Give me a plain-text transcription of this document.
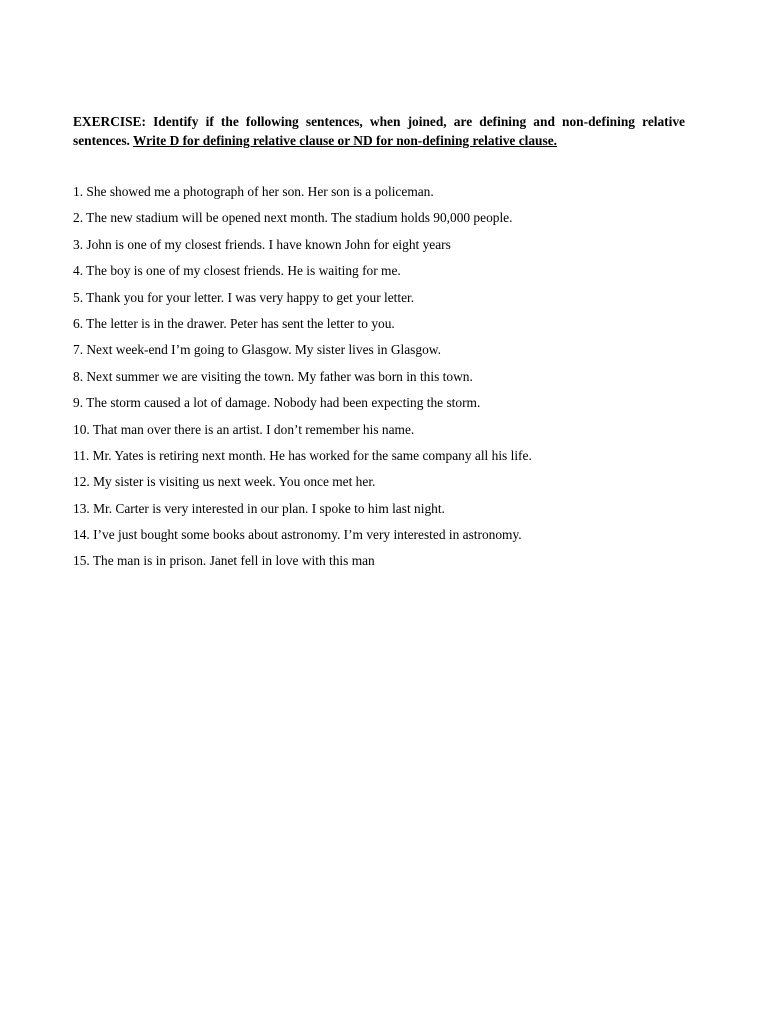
EXERCISE: Identify if the following sentences, when joined, are defining and non-defining relative sentences. Write D for defining relative clause or ND for non-defining relative clause.

1. She showed me a photograph of her son. Her son is a policeman.
2. The new stadium will be opened next month. The stadium holds 90,000 people.
3. John is one of my closest friends. I have known John for eight years
4. The boy is one of my closest friends. He is waiting for me.
5. Thank you for your letter. I was very happy to get your letter.
6. The letter is in the drawer. Peter has sent the letter to you.
7. Next week-end I’m going to Glasgow. My sister lives in Glasgow.
8. Next summer we are visiting the town. My father was born in this town.
9. The storm caused a lot of damage. Nobody had been expecting the storm.
10. That man over there is an artist. I don’t remember his name.
11. Mr. Yates is retiring next month. He has worked for the same company all his life.
12. My sister is visiting us next week. You once met her.
13. Mr. Carter is very interested in our plan. I spoke to him last night.
14. I’ve just bought some books about astronomy. I’m very interested in astronomy.
15. The man is in prison. Janet fell in love with this man
